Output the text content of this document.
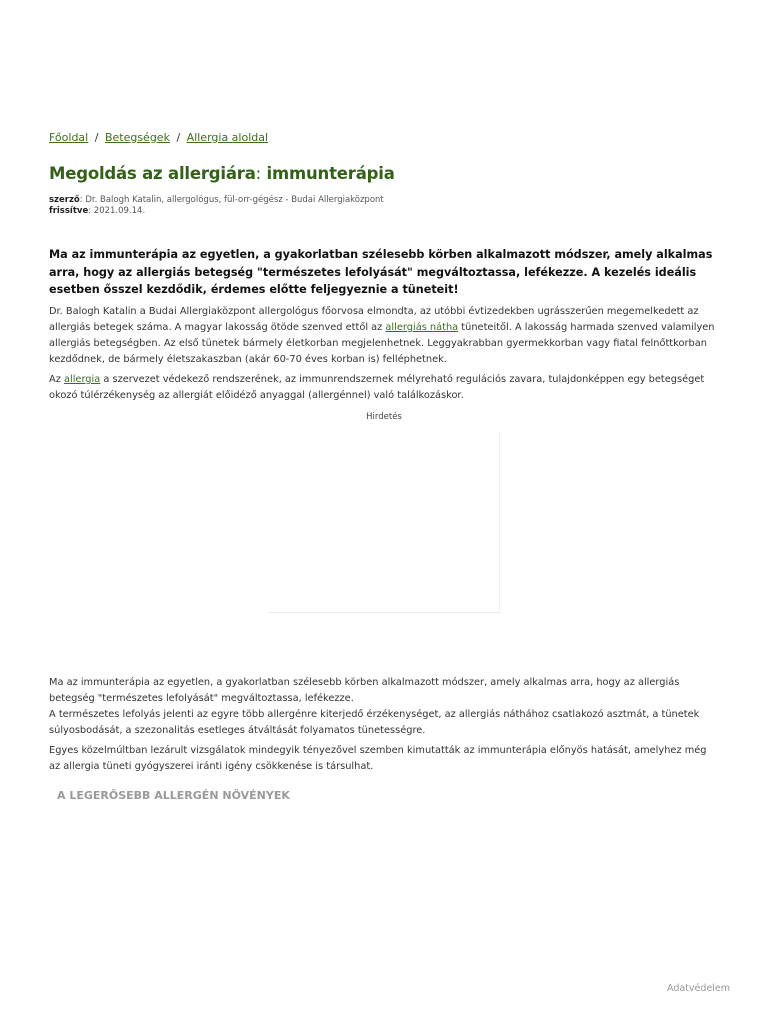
Főoldal / Betegségek / Allergia aloldal
Megoldás az allergiára: immunterápia
szerző: Dr. Balogh Katalin, allergológus, fül-orr-gégész - Budai Allergiaközpont
frissítve: 2021.09.14.

Ma az immunterápia az egyetlen, a gyakorlatban szélesebb körben alkalmazott módszer, amely alkalmas arra, hogy az allergiás betegség "természetes lefolyását" megváltoztassa, lefékezze. A kezelés ideális esetben ősszel kezdődik, érdemes előtte feljegyeznie a tüneteit!

Dr. Balogh Katalin a Budai Allergiaközpont allergológus főorvosa elmondta, az utóbbi évtizedekben ugrásszerűen megemelkedett az allergiás betegek száma. A magyar lakosság ötöde szenved ettől az allergiás nátha tüneteitől. A lakosság harmada szenved valamilyen allergiás betegségben. Az első tünetek bármely életkorban megjelenhetnek. Leggyakrabban gyermekkorban vagy fiatal felnőttkorban kezdődnek, de bármely életszakaszban (akár 60-70 éves korban is) felléphetnek.

Az allergia a szervezet védekező rendszerének, az immunrendszernek mélyreható regulációs zavara, tulajdonképpen egy betegséget okozó túlérzékenység az allergiát előidéző anyaggal (allergénnel) való találkozáskor.

Hirdetés

Ma az immunterápia az egyetlen, a gyakorlatban szélesebb körben alkalmazott módszer, amely alkalmas arra, hogy az allergiás betegség "természetes lefolyását" megváltoztassa, lefékezze.
A természetes lefolyás jelenti az egyre több allergénre kiterjedő érzékenységet, az allergiás náthához csatlakozó asztmát, a tünetek súlyosbodását, a szezonalitás esetleges átváltását folyamatos tünetességre.

Egyes közelmúltban lezárult vizsgálatok mindegyik tényezővel szemben kimutatták az immunterápia előnyös hatását, amelyhez még az allergia tüneti gyógyszerei iránti igény csökkenése is társulhat.

A LEGERŐSEBB ALLERGÉN NÖVÉNYEK
Adatvédelem
